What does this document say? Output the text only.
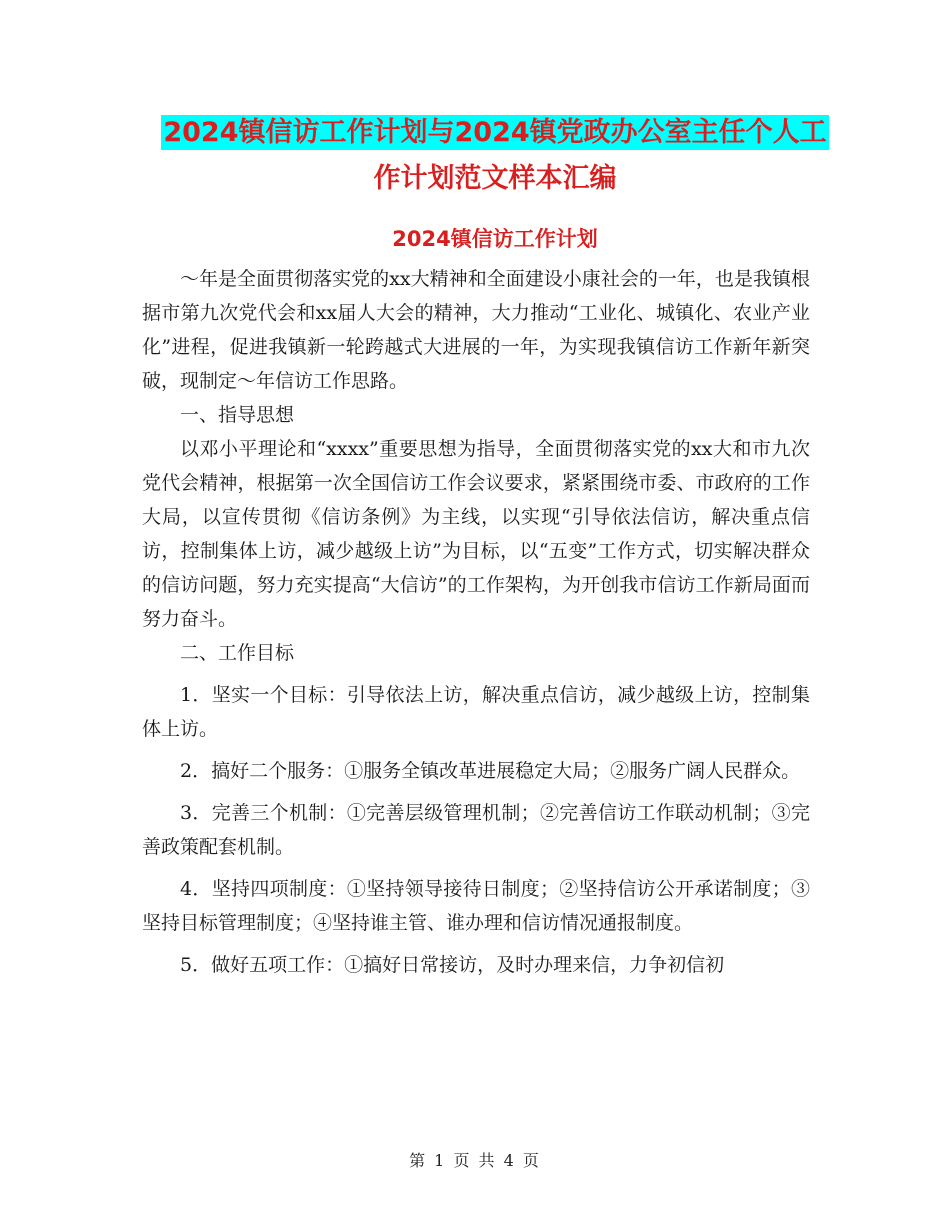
2024镇信访工作计划与2024镇党政办公室主任个人工
作计划范文样本汇编
2024镇信访工作计划

～年是全面贯彻落实党的xx大精神和全面建设小康社会的一年，也是我镇根据市第九次党代会和xx届人大会的精神，大力推动“工业化、城镇化、农业产业化”进程，促进我镇新一轮跨越式大进展的一年，为实现我镇信访工作新年新突破，现制定～年信访工作思路。

一、指导思想

以邓小平理论和“xxxx”重要思想为指导，全面贯彻落实党的xx大和市九次党代会精神，根据第一次全国信访工作会议要求，紧紧围绕市委、市政府的工作大局，以宣传贯彻《信访条例》为主线，以实现“引导依法信访，解决重点信访，控制集体上访，减少越级上访”为目标，以“五变”工作方式，切实解决群众的信访问题，努力充实提高“大信访”的工作架构，为开创我市信访工作新局面而努力奋斗。

二、工作目标

1．坚实一个目标：引导依法上访，解决重点信访，减少越级上访，控制集体上访。

2．搞好二个服务：①服务全镇改革进展稳定大局；②服务广阔人民群众。

3．完善三个机制：①完善层级管理机制；②完善信访工作联动机制；③完善政策配套机制。

4．坚持四项制度：①坚持领导接待日制度；②坚持信访公开承诺制度；③坚持目标管理制度；④坚持谁主管、谁办理和信访情况通报制度。

5．做好五项工作：①搞好日常接访，及时办理来信，力争初信初

第 1 页 共 4 页
